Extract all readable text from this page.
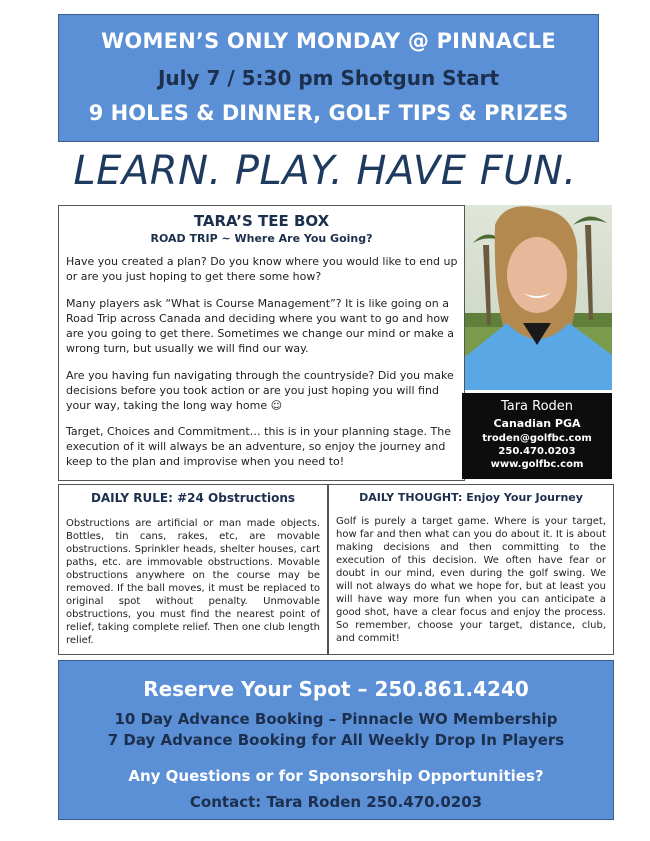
WOMEN’S ONLY MONDAY @ PINNACLE
July 7 / 5:30 pm Shotgun Start
9 HOLES & DINNER, GOLF TIPS & PRIZES
LEARN. PLAY. HAVE FUN.
TARA’S TEE BOX
ROAD TRIP ~ Where Are You Going?
Have you created a plan? Do you know where you would like to end up or are you just hoping to get there some how?
Many players ask “What is Course Management”? It is like going on a Road Trip across Canada and deciding where you want to go and how are you going to get there. Sometimes we change our mind or make a wrong turn, but usually we will find our way.
Are you having fun navigating through the countryside? Did you make decisions before you took action or are you just hoping you will find your way, taking the long way home ☺
Target, Choices and Commitment… this is in your planning stage. The execution of it will always be an adventure, so enjoy the journey and keep to the plan and improvise when you need to!
Tara Roden
Canadian PGA
troden@golfbc.com
250.470.0203
www.golfbc.com
DAILY RULE: #24 Obstructions
Obstructions are artificial or man made objects. Bottles, tin cans, rakes, etc, are movable obstructions. Sprinkler heads, shelter houses, cart paths, etc. are immovable obstructions. Movable obstructions anywhere on the course may be removed. If the ball moves, it must be replaced to original spot without penalty. Unmovable obstructions, you must find the nearest point of relief, taking complete relief. Then one club length relief.
DAILY THOUGHT: Enjoy Your Journey
Golf is purely a target game. Where is your target, how far and then what can you do about it. It is about making decisions and then committing to the execution of this decision. We often have fear or doubt in our mind, even during the golf swing. We will not always do what we hope for, but at least you will have way more fun when you can anticipate a good shot, have a clear focus and enjoy the process. So remember, choose your target, distance, club, and commit!
Reserve Your Spot – 250.861.4240
10 Day Advance Booking – Pinnacle WO Membership
7 Day Advance Booking for All Weekly Drop In Players
Any Questions or for Sponsorship Opportunities?
Contact: Tara Roden 250.470.0203
